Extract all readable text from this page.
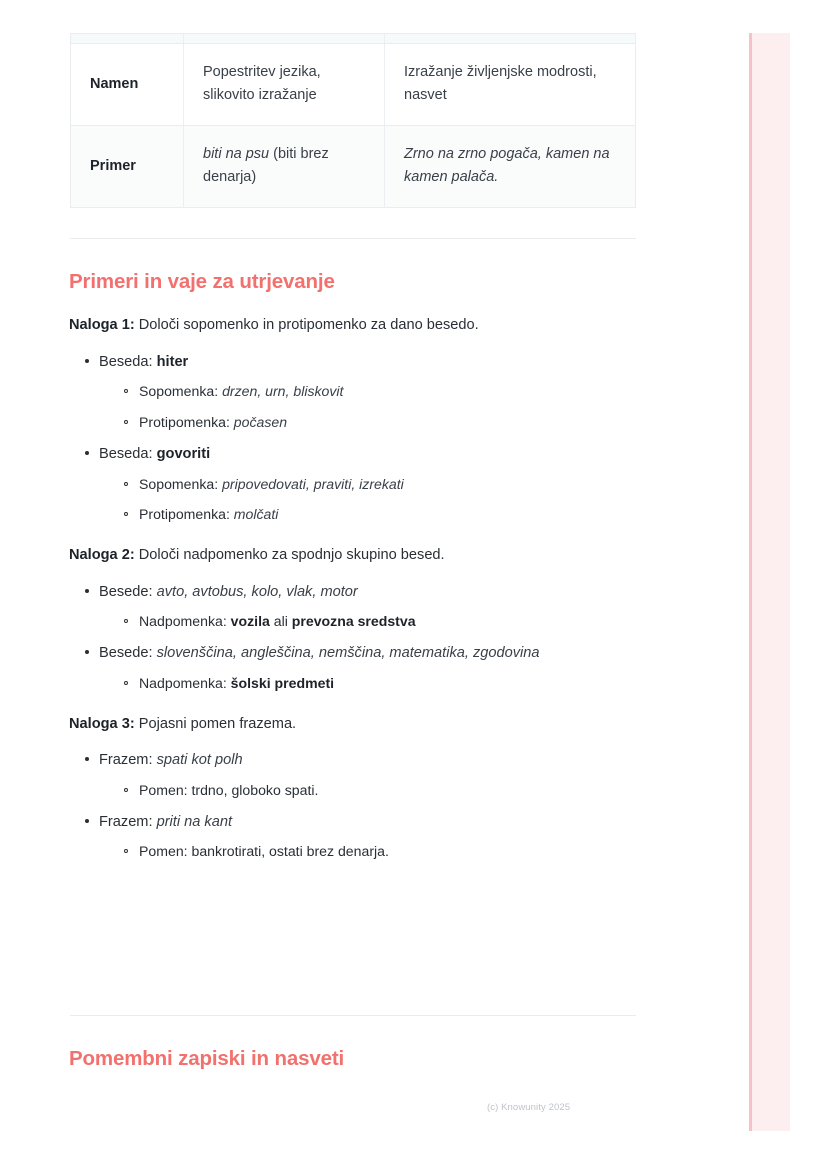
Namen	Popestritev jezika, slikovito izražanje	Izražanje življenjske modrosti, nasvet
Primer	biti na psu (biti brez denarja)	Zrno na zrno pogača, kamen na kamen palača.
Primeri in vaje za utrjevanje

Naloga 1: Določi sopomenko in protipomenko za dano besedo.

Beseda: hiter
Sopomenka: drzen, urn, bliskovit
Protipomenka: počasen
Beseda: govoriti
Sopomenka: pripovedovati, praviti, izrekati
Protipomenka: molčati

Naloga 2: Določi nadpomenko za spodnjo skupino besed.

Besede: avto, avtobus, kolo, vlak, motor
Nadpomenka: vozila ali prevozna sredstva
Besede: slovenščina, angleščina, nemščina, matematika, zgodovina
Nadpomenka: šolski predmeti

Naloga 3: Pojasni pomen frazema.

Frazem: spati kot polh
Pomen: trdno, globoko spati.
Frazem: priti na kant
Pomen: bankrotirati, ostati brez denarja.
Pomembni zapiski in nasveti
(c) Knowunity 2025
